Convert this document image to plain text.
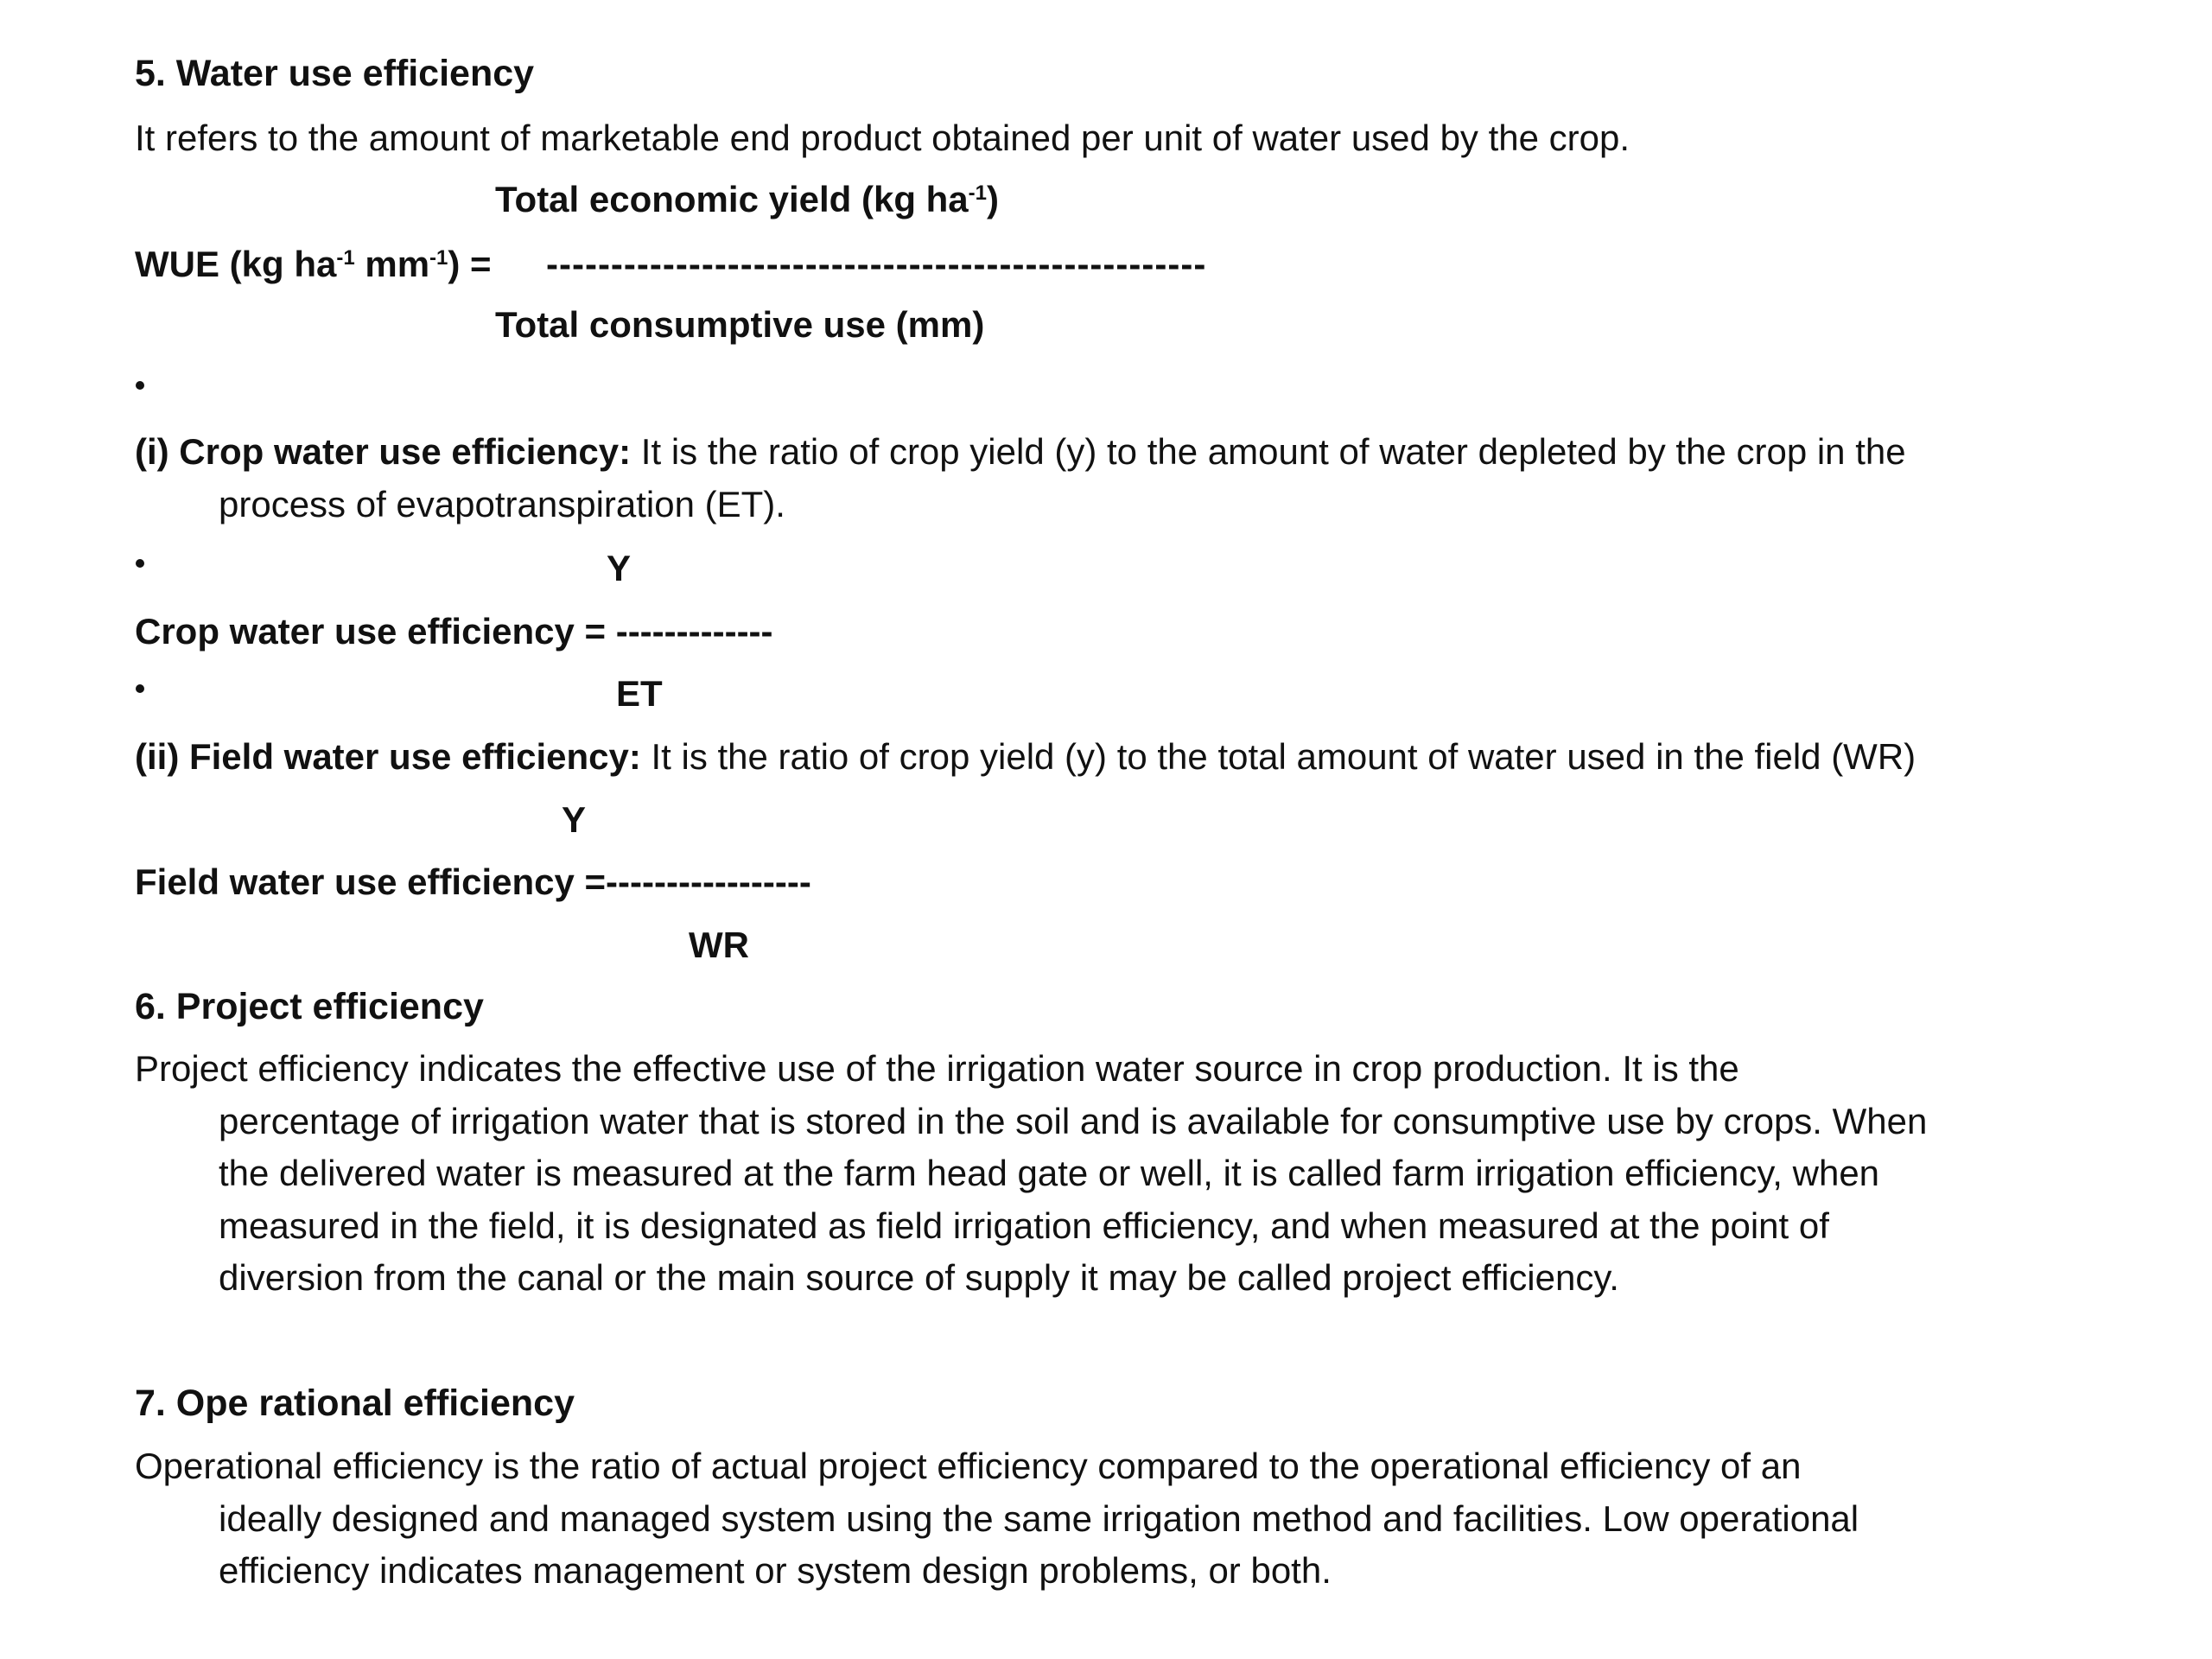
5. Water use efficiency
It refers to the amount of marketable end product obtained per unit of water used by the crop.
Total economic yield (kg $ha^{-1}$)
WUE (kg $ha^{-1}$ $mm^{-1}$) = ---------------------------------------------------
Total consumptive use (mm)
(i) Crop water use efficiency: It is the ratio of crop yield (y) to the amount of water depleted by the crop in the
process of evapotranspiration (ET).
Y
Crop water use efficiency = -------------
ET
(ii) Field water use efficiency: It is the ratio of crop yield (y) to the total amount of water used in the field (WR)
Y
Field water use efficiency =-----------------
WR
6. Project efficiency
Project efficiency indicates the effective use of the irrigation water source in crop production. It is the
percentage of irrigation water that is stored in the soil and is available for consumptive use by crops. When
the delivered water is measured at the farm head gate or well, it is called farm irrigation efficiency, when
measured in the field, it is designated as field irrigation efficiency, and when measured at the point of
diversion from the canal or the main source of supply it may be called project efficiency.
7. Ope rational efficiency
Operational efficiency is the ratio of actual project efficiency compared to the operational efficiency of an
ideally designed and managed system using the same irrigation method and facilities. Low operational
efficiency indicates management or system design problems, or both.
